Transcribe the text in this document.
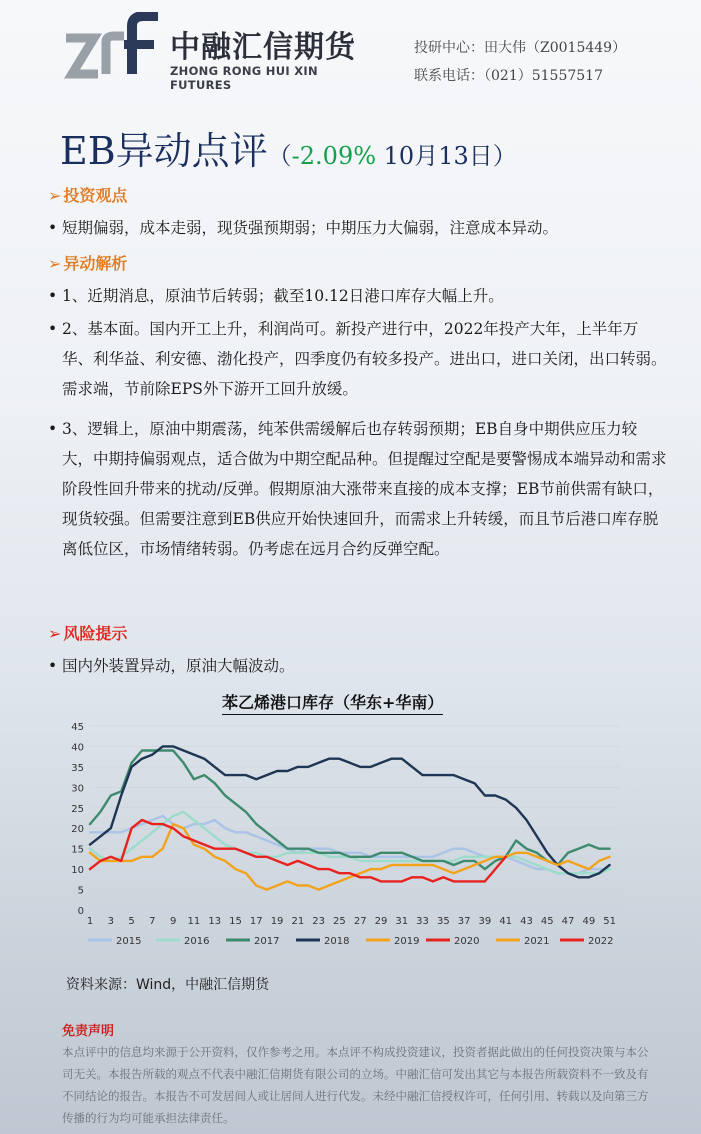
中融汇信期货
ZHONG RONG HUI XIN FUTURES
投研中心：田大伟（Z0015449）
联系电话：（021）51557517
EB异动点评（-2.09% 10月13日）
➢ 投资观点
• 短期偏弱，成本走弱，现货强预期弱；中期压力大偏弱，注意成本异动。
➢ 异动解析
• 1、近期消息，原油节后转弱；截至10.12日港口库存大幅上升。
• 2、基本面。国内开工上升，利润尚可。新投产进行中，2022年投产大年，上半年万华、利华益、利安德、渤化投产，四季度仍有较多投产。进出口，进口关闭，出口转弱。需求端，节前除EPS外下游开工回升放缓。
• 3、逻辑上，原油中期震荡，纯苯供需缓解后也存转弱预期；EB自身中期供应压力较大，中期持偏弱观点，适合做为中期空配品种。但提醒过空配是要警惕成本端异动和需求阶段性回升带来的扰动/反弹。假期原油大涨带来直接的成本支撑；EB节前供需有缺口，现货较强。但需要注意到EB供应开始快速回升，而需求上升转缓，而且节后港口库存脱离低位区，市场情绪转弱。仍考虑在远月合约反弹空配。
➢ 风险提示
• 国内外装置异动，原油大幅波动。
苯乙烯港口库存（华东+华南）
0
5
10
15
20
25
30
35
40
45
1 3 5 7 9 11 13 15 17 19 21 23 25 27 29 31 33 35 37 39 41 43 45 47 49 51
2015	2016	2017	2018	2019	2020	2021	2022
资料来源：Wind，中融汇信期货
免责声明
本点评中的信息均来源于公开资料，仅作参考之用。本点评不构成投资建议，投资者据此做出的任何投资决策与本公司无关。本报告所载的观点不代表中融汇信期货有限公司的立场。中融汇信可发出其它与本报告所载资料不一致及有不同结论的报告。本报告不可发居间人或让居间人进行代发。未经中融汇信授权许可，任何引用、转载以及向第三方传播的行为均可能承担法律责任。
